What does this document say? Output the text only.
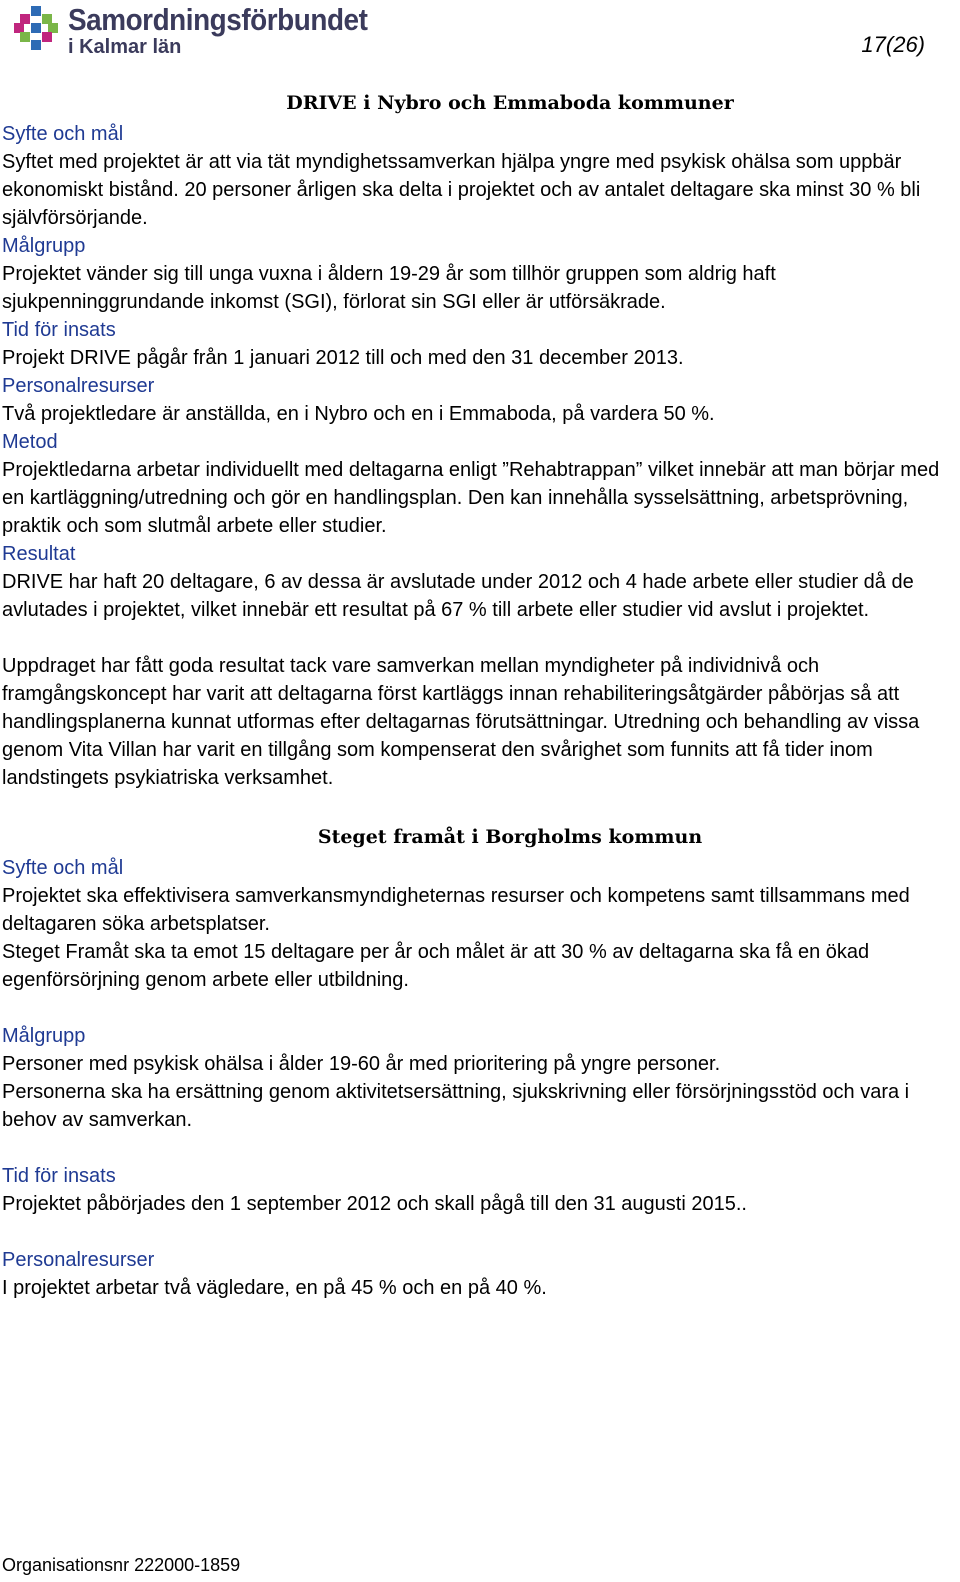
Samordningsförbundet
i Kalmar län	17(26)
DRIVE i Nybro och Emmaboda kommuner
Syfte och mål

Syftet med projektet är att via tät myndighetssamverkan hjälpa yngre med psykisk ohälsa som uppbär ekonomiskt bistånd. 20 personer årligen ska delta i projektet och av antalet deltagare ska minst 30 % bli självförsörjande.

Målgrupp

Projektet vänder sig till unga vuxna i åldern 19-29 år som tillhör gruppen som aldrig haft sjukpenninggrundande inkomst (SGI), förlorat sin SGI eller är utförsäkrade.

Tid för insats

Projekt DRIVE pågår från 1 januari 2012 till och med den 31 december 2013.

Personalresurser

Två projektledare är anställda, en i Nybro och en i Emmaboda, på vardera 50 %.

Metod

Projektledarna arbetar individuellt med deltagarna enligt ”Rehabtrappan” vilket innebär att man börjar med en kartläggning/utredning och gör en handlingsplan. Den kan innehålla sysselsättning, arbetsprövning, praktik och som slutmål arbete eller studier.

Resultat

DRIVE har haft 20 deltagare, 6 av dessa är avslutade under 2012 och 4 hade arbete eller studier då de avlutades i projektet, vilket innebär ett resultat på 67 % till arbete eller studier vid avslut i projektet.

Uppdraget har fått goda resultat tack vare samverkan mellan myndigheter på individnivå och framgångskoncept har varit att deltagarna först kartläggs innan rehabiliteringsåtgärder påbörjas så att handlingsplanerna kunnat utformas efter deltagarnas förutsättningar. Utredning och behandling av vissa genom Vita Villan har varit en tillgång som kompenserat den svårighet som funnits att få tider inom landstingets psykiatriska verksamhet.

Steget framåt i Borgholms kommun
Syfte och mål

Projektet ska effektivisera samverkansmyndigheternas resurser och kompetens samt tillsammans med deltagaren söka arbetsplatser.

Steget Framåt ska ta emot 15 deltagare per år och målet är att 30 % av deltagarna ska få en ökad egenförsörjning genom arbete eller utbildning.

Målgrupp

Personer med psykisk ohälsa i ålder 19-60 år med prioritering på yngre personer.

Personerna ska ha ersättning genom aktivitetsersättning, sjukskrivning eller försörjningsstöd och vara i behov av samverkan.

Tid för insats

Projektet påbörjades den 1 september 2012 och skall pågå till den 31 augusti 2015..

Personalresurser

I projektet arbetar två vägledare, en på 45 % och en på 40 %.

Organisationsnr 222000-1859
